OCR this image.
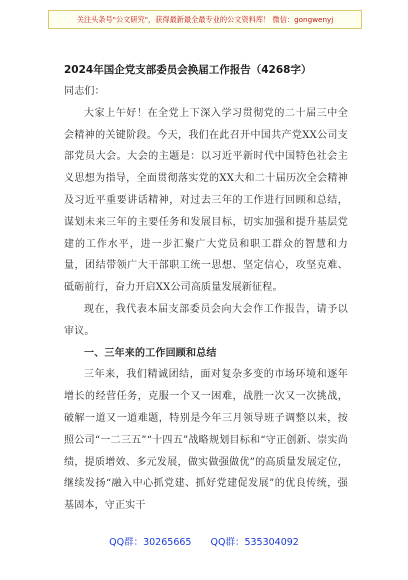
关注头条号"公文研究"，获得最新最全最专业的公文资料库！ 微信：gongwenyj
2024年国企党支部委员会换届工作报告（4268字）

同志们：

大家上午好！在全党上下深入学习贯彻党的二十届三中全会精神的关键阶段。今天，我们在此召开中国共产党XX公司支部党员大会。大会的主题是：以习近平新时代中国特色社会主义思想为指导，全面贯彻落实党的XX大和二十届历次全会精神及习近平重要讲话精神，对过去三年的工作进行回顾和总结，谋划未来三年的主要任务和发展目标，切实加强和提升基层党建的工作水平，进一步汇聚广大党员和职工群众的智慧和力量，团结带领广大干部职工统一思想、坚定信心，攻坚克难、砥砺前行，奋力开启XX公司高质量发展新征程。

现在，我代表本届支部委员会向大会作工作报告，请予以审议。

一、三年来的工作回顾和总结

三年来，我们精诚团结，面对复杂多变的市场环境和逐年增长的经营任务，克服一个又一困难，战胜一次又一次挑战，破解一道又一道难题，特别是今年三月领导班子调整以来，按照公司“一二三五”“十四五”战略规划目标和“守正创新、崇实尚绩，提质增效、多元发展，做实做强做优”的高质量发展定位，继续发扬“融入中心抓党建、抓好党建促发展”的优良传统，强基固本，守正实干

QQ群：30265665 QQ群：535304092
